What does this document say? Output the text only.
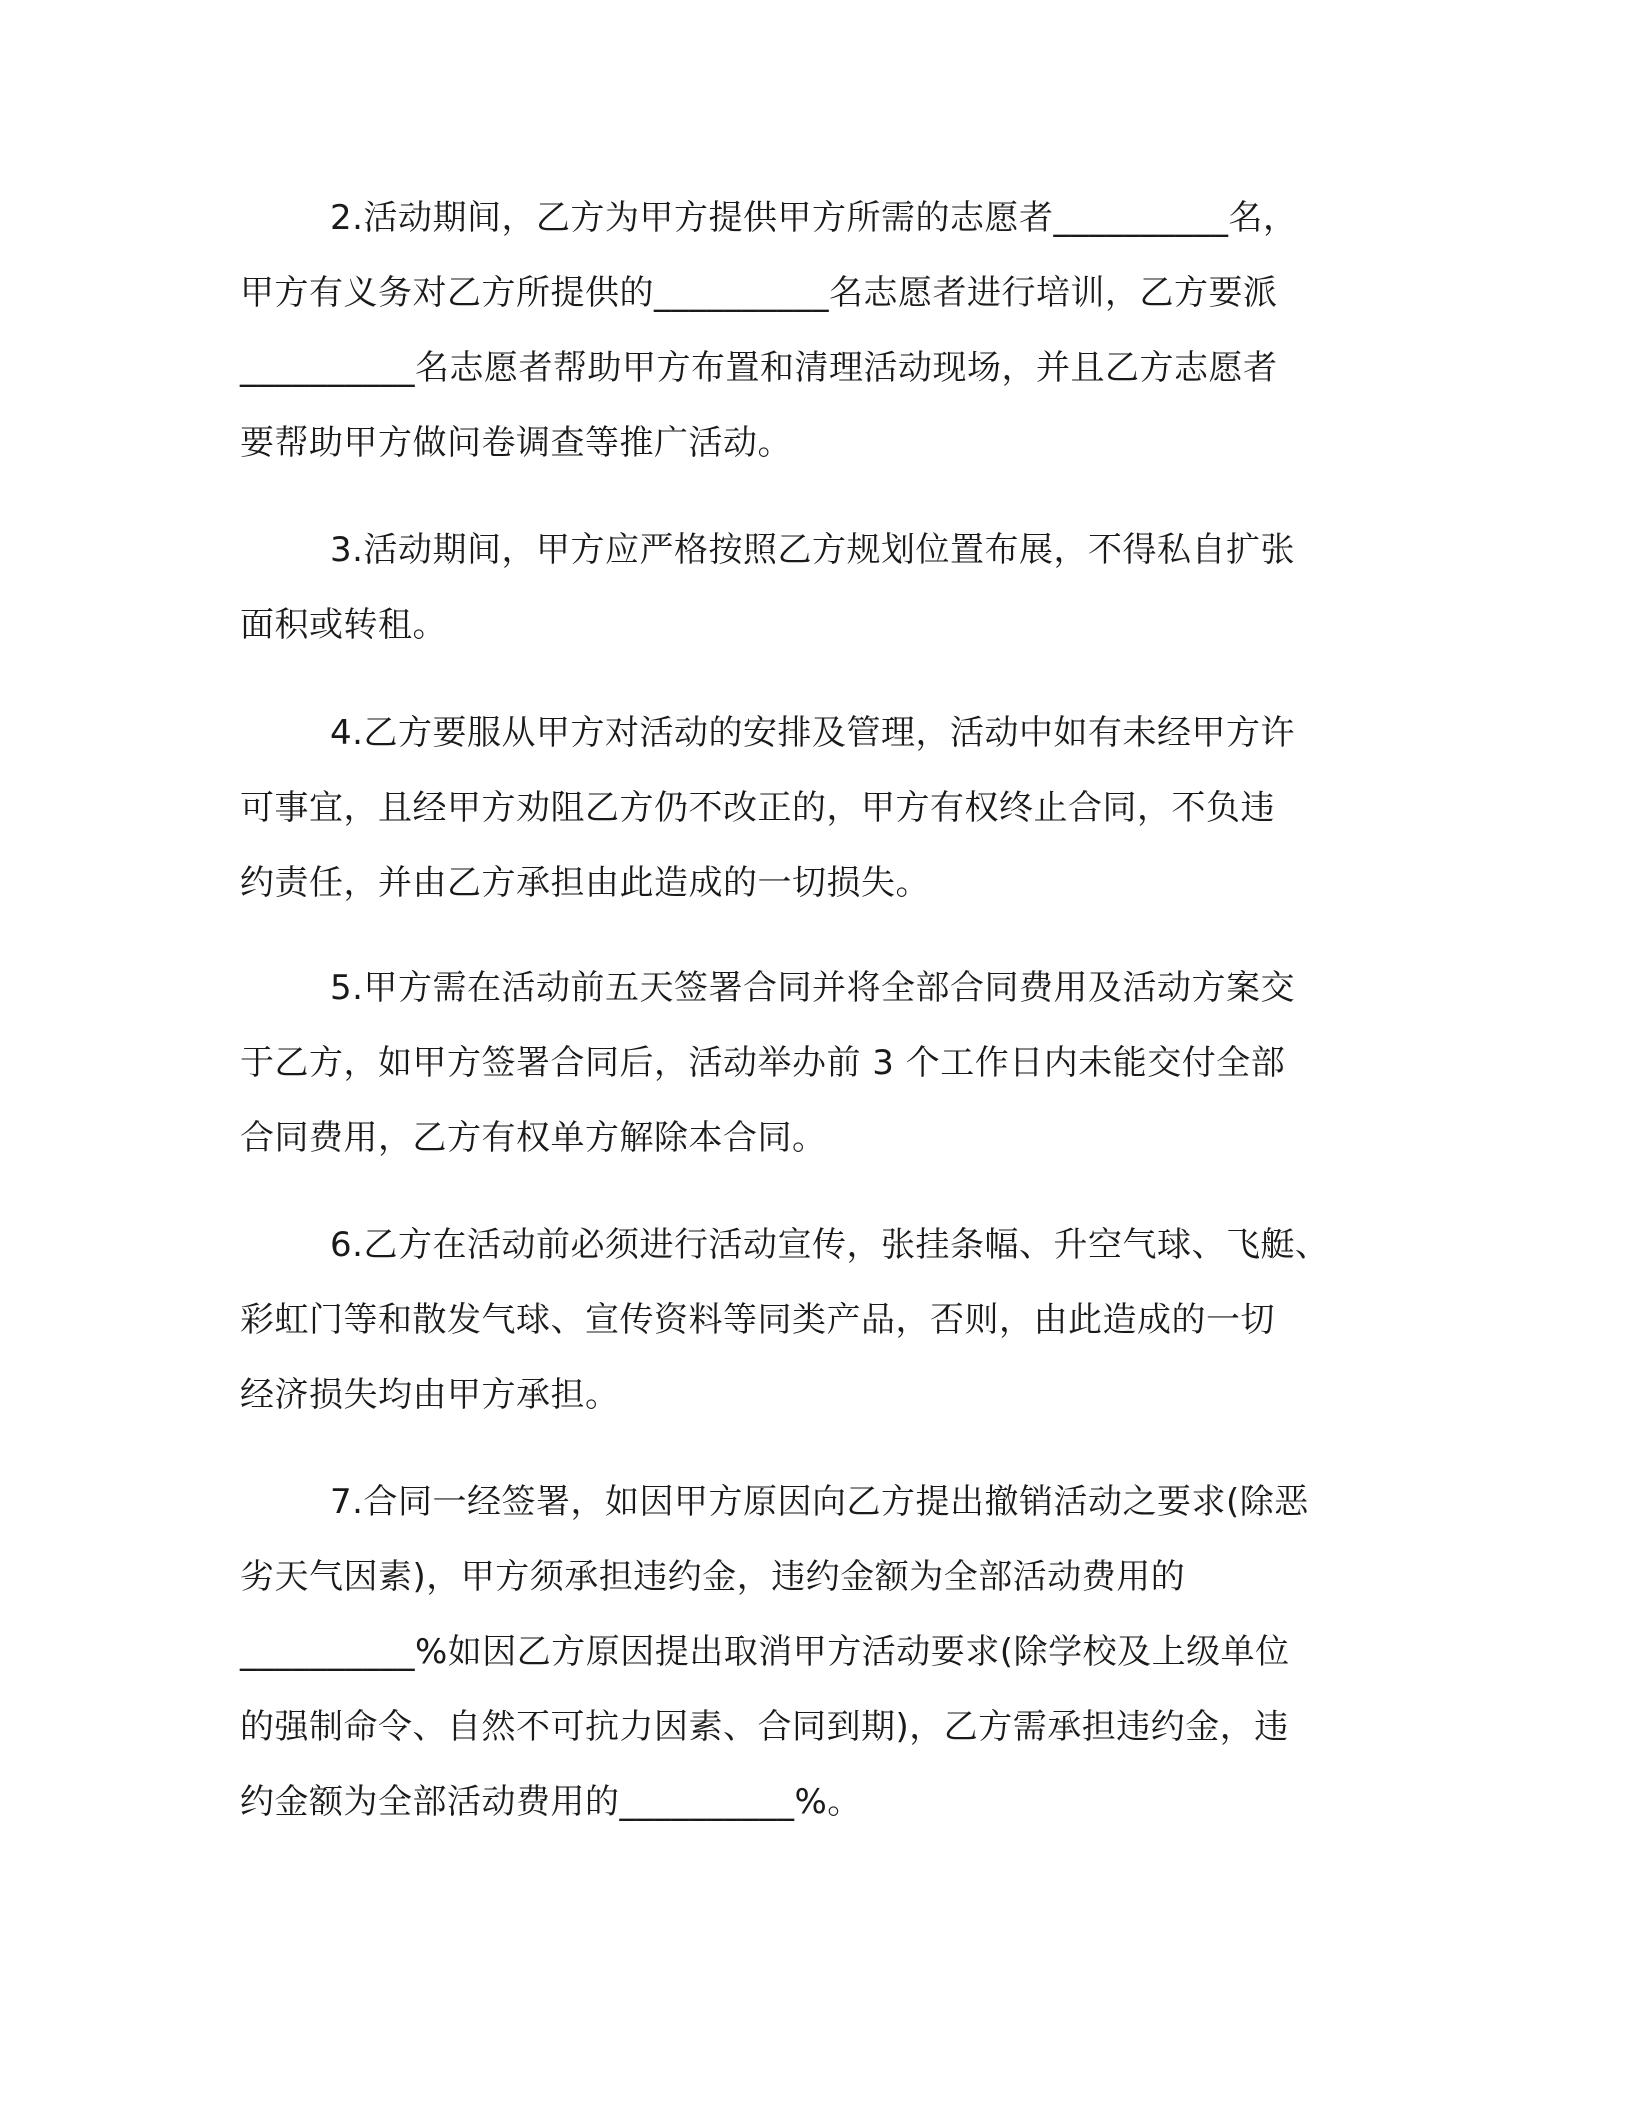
2.活动期间，乙方为甲方提供甲方所需的志愿者__________名，
甲方有义务对乙方所提供的__________名志愿者进行培训，乙方要派
__________名志愿者帮助甲方布置和清理活动现场，并且乙方志愿者
要帮助甲方做问卷调查等推广活动。
3.活动期间，甲方应严格按照乙方规划位置布展，不得私自扩张
面积或转租。
4.乙方要服从甲方对活动的安排及管理，活动中如有未经甲方许
可事宜，且经甲方劝阻乙方仍不改正的，甲方有权终止合同，不负违
约责任，并由乙方承担由此造成的一切损失。
5.甲方需在活动前五天签署合同并将全部合同费用及活动方案交
于乙方，如甲方签署合同后，活动举办前 3 个工作日内未能交付全部
合同费用，乙方有权单方解除本合同。
6.乙方在活动前必须进行活动宣传，张挂条幅、升空气球、飞艇、
彩虹门等和散发气球、宣传资料等同类产品，否则，由此造成的一切
经济损失均由甲方承担。
7.合同一经签署，如因甲方原因向乙方提出撤销活动之要求(除恶
劣天气因素)，甲方须承担违约金，违约金额为全部活动费用的
__________%如因乙方原因提出取消甲方活动要求(除学校及上级单位
的强制命令、自然不可抗力因素、合同到期)，乙方需承担违约金，违
约金额为全部活动费用的__________%。
